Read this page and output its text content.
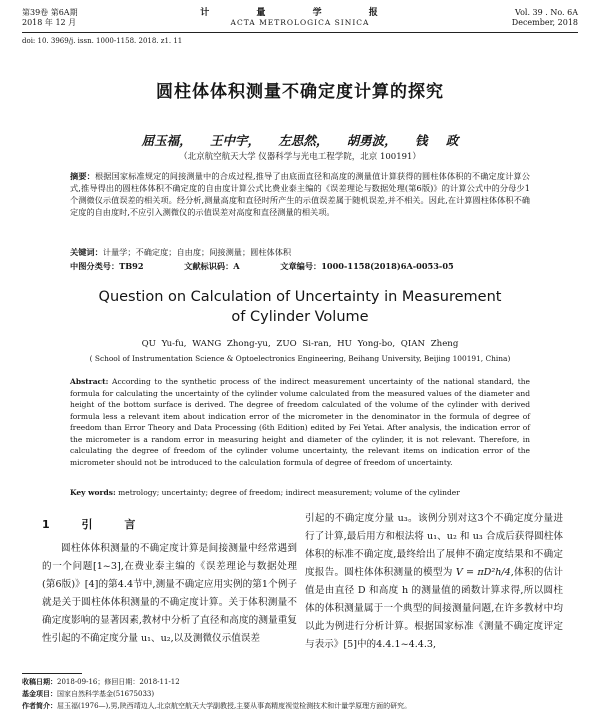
第39卷 第6A期
2018 年 12 月
计 量 学 报
ACTA METROLOGICA SINICA
Vol. 39 . No. 6A
December, 2018
doi: 10. 3969/j. issn. 1000-1158. 2018. z1. 11
圆柱体体积测量不确定度计算的探究
屈玉福， 王中宇， 左思然， 胡勇波， 钱 政
（北京航空航天大学 仪器科学与光电工程学院，北京 100191）
摘要：根据国家标准规定的间接测量中的合成过程,推导了由底面直径和高度的测量值计算获得的圆柱体体积的不确定度计算公式,推导得出的圆柱体体积不确定度的自由度计算公式比费业泰主编的《误差理论与数据处理(第6版)》的计算公式中的分母少1个测微仪示值误差的相关项。经分析,测量高度和直径时所产生的示值误差属于随机误差,并不相关。因此,在计算圆柱体体积不确定度的自由度时,不应引入测微仪的示值误差对高度和直径测量的相关项。
关键词：计量学；不确定度；自由度；间接测量；圆柱体体积
中图分类号：TB92	文献标识码：A	文章编号：1000-1158(2018)6A-0053-05
Question on Calculation of Uncertainty in Measurement
of Cylinder Volume
QU Yu-fu, WANG Zhong-yu, ZUO Si-ran, HU Yong-bo, QIAN Zheng
( School of Instrumentation Science & Optoelectronics Engineering, Beihang University, Beijing 100191, China)
Abstract: According to the synthetic process of the indirect measurement uncertainty of the national standard, the formula for calculating the uncertainty of the cylinder volume calculated from the measured values of the diameter and height of the bottom surface is derived. The degree of freedom calculated of the volume of the cylinder with derived formula less a relevant item about indication error of the micrometer in the denominator in the formula of degree of freedom than Error Theory and Data Processing (6th Edition) edited by Fei Yetai. After analysis, the indication error of the micrometer is a random error in measuring height and diameter of the cylinder, it is not relevant. Therefore, in calculating the degree of freedom of the cylinder volume uncertainty, the relevant items on indication error of the micrometer should not be introduced to the calculation formula of degree of freedom of uncertainty.
Key words: metrology; uncertainty; degree of freedom; indirect measurement; volume of the cylinder
1 引 言
圆柱体体积测量的不确定度计算是间接测量中经常遇到的一个问题[1~3],在费业泰主编的《误差理论与数据处理(第6版)》[4]的第4.4节中,测量不确定应用实例的第1个例子就是关于圆柱体体积测量的不确定度计算。关于体积测量不确定度影响的显著因素,教材中分析了直径和高度的测量重复性引起的不确定度分量 u₁、u₂,以及测微仪示值误差
引起的不确定度分量 u₃。该例分别对这3个不确定度分量进行了计算,最后用方和根法将 u₁、u₂ 和 u₃ 合成后获得圆柱体体积的标准不确定度,最终给出了展伸不确定度结果和不确定度报告。圆柱体体积测量的模型为 V = πD²h/4,体积的估计值是由直径 D 和高度 h 的测量值的函数计算求得,所以圆柱体的体积测量属于一个典型的间接测量问题,在许多教材中均以此为例进行分析计算。根据国家标准《测量不确定度评定与表示》[5]中的4.4.1~4.4.3,
收稿日期：2018-09-16；修回日期：2018-11-12
基金项目：国家自然科学基金(51675033)
作者简介：屈玉福(1976—),男,陕西靖边人,北京航空航天大学副教授,主要从事高精度视觉检测技术和计量学原理方面的研究。
